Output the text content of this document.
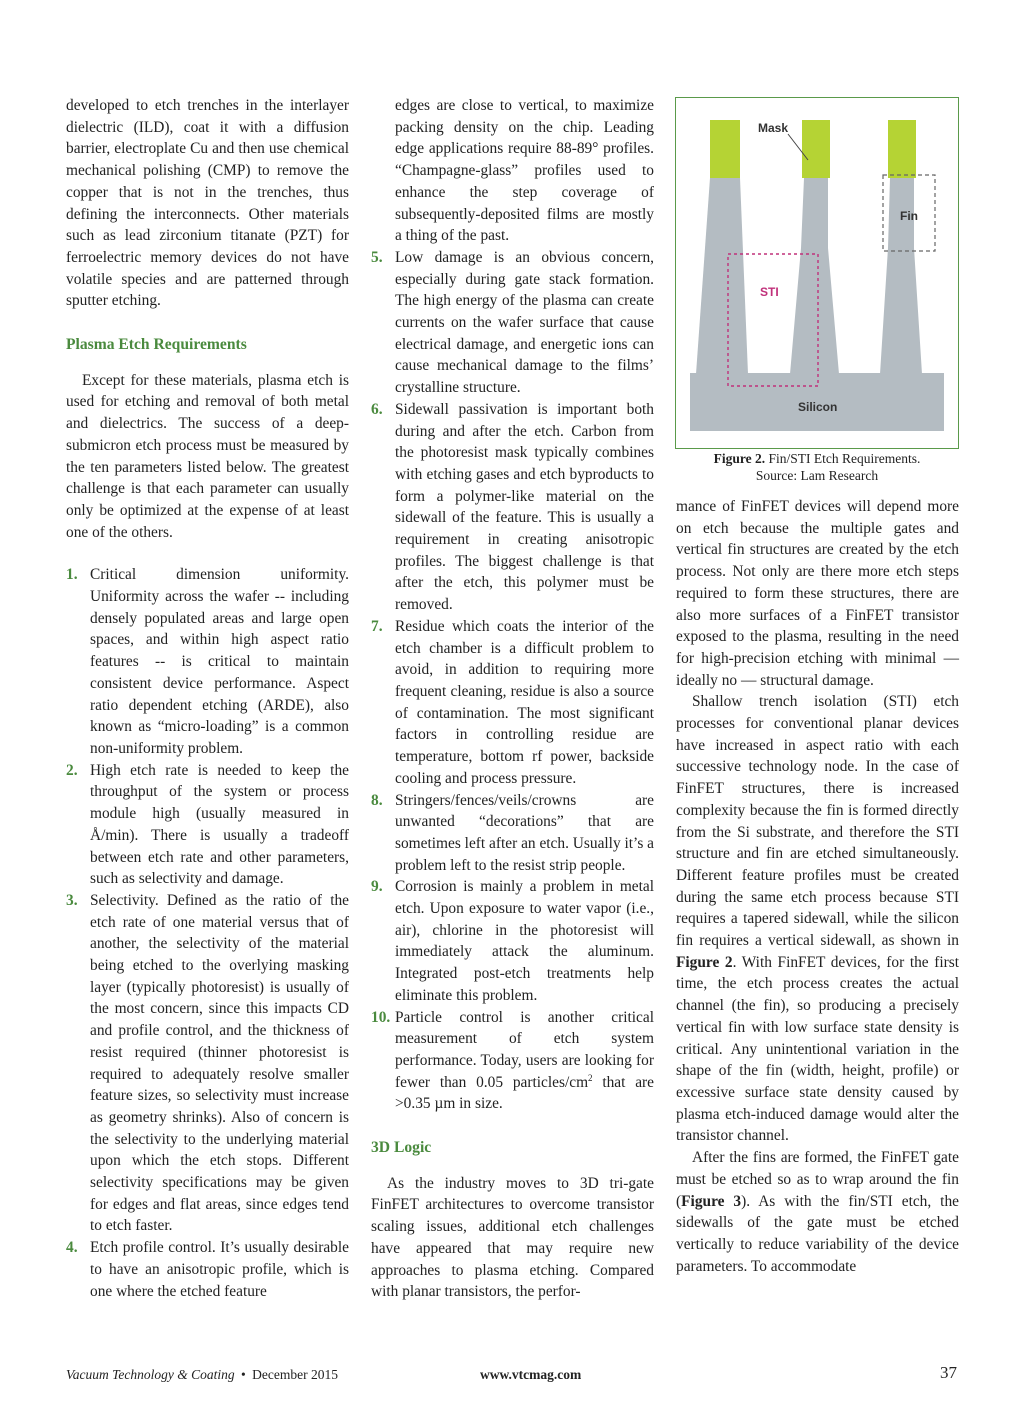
developed to etch trenches in the interlayer dielectric (ILD), coat it with a diffusion barrier, electroplate Cu and then use chemical mechanical polishing (CMP) to remove the copper that is not in the trenches, thus defining the interconnects. Other materials such as lead zirconium titanate (PZT) for ferroelectric memory devices do not have volatile species and are patterned through sputter etching.

Plasma Etch Requirements

Except for these materials, plasma etch is used for etching and removal of both metal and dielectrics. The success of a deep-submicron etch process must be measured by the ten parameters listed below. The greatest challenge is that each parameter can usually only be optimized at the expense of at least one of the others.

1. Critical dimension uniformity. Uniformity across the wafer -- including densely populated areas and large open spaces, and within high aspect ratio features -- is critical to maintain consistent device performance. Aspect ratio dependent etching (ARDE), also known as “micro-loading” is a common non-uniformity problem.
2. High etch rate is needed to keep the throughput of the system or process module high (usually measured in Å/min). There is usually a tradeoff between etch rate and other parameters, such as selectivity and damage.
3. Selectivity. Defined as the ratio of the etch rate of one material versus that of another, the selectivity of the material being etched to the overlying masking layer (typically photoresist) is usually of the most concern, since this impacts CD and profile control, and the thickness of resist required (thinner photoresist is required to adequately resolve smaller feature sizes, so selectivity must increase as geometry shrinks). Also of concern is the selectivity to the underlying material upon which the etch stops. Different selectivity specifications may be given for edges and flat areas, since edges tend to etch faster.
4. Etch profile control. It’s usually desirable to have an anisotropic profile, which is one where the etched feature

edges are close to vertical, to maximize packing density on the chip. Leading edge applications require 88-89° profiles. “Champagne-glass” profiles used to enhance the step coverage of subsequently-deposited films are mostly a thing of the past.

5. Low damage is an obvious concern, especially during gate stack formation. The high energy of the plasma can create currents on the wafer surface that cause electrical damage, and energetic ions can cause mechanical damage to the films’ crystalline structure.
6. Sidewall passivation is important both during and after the etch. Carbon from the photoresist mask typically combines with etching gases and etch byproducts to form a polymer-like material on the sidewall of the feature. This is usually a requirement in creating anisotropic profiles. The biggest challenge is that after the etch, this polymer must be removed.
7. Residue which coats the interior of the etch chamber is a difficult problem to avoid, in addition to requiring more frequent cleaning, residue is also a source of contamination. The most significant factors in controlling residue are temperature, bottom rf power, backside cooling and process pressure.
8. Stringers/fences/veils/crowns are unwanted “decorations” that are sometimes left after an etch. Usually it’s a problem left to the resist strip people.
9. Corrosion is mainly a problem in metal etch. Upon exposure to water vapor (i.e., air), chlorine in the photoresist will immediately attack the aluminum. Integrated post-etch treatments help eliminate this problem.
10. Particle control is another critical measurement of etch system performance. Today, users are looking for fewer than 0.05 particles/$cm^2$ that are >0.35 µm in size.

3D Logic

As the industry moves to 3D tri-gate FinFET architectures to overcome transistor scaling issues, additional etch challenges have appeared that may require new approaches to plasma etching. Compared with planar transistors, the perfor-

Mask
Fin
STI
Silicon
Figure 2. Fin/STI Etch Requirements.
Source: Lam Research

mance of FinFET devices will depend more on etch because the multiple gates and vertical fin structures are created by the etch process. Not only are there more etch steps required to form these structures, there are also more surfaces of a FinFET transistor exposed to the plasma, resulting in the need for high-precision etching with minimal — ideally no — structural damage.

Shallow trench isolation (STI) etch processes for conventional planar devices have increased in aspect ratio with each successive technology node. In the case of FinFET structures, there is increased complexity because the fin is formed directly from the Si substrate, and therefore the STI structure and fin are etched simultaneously. Different feature profiles must be created during the same etch process because STI requires a tapered sidewall, while the silicon fin requires a vertical sidewall, as shown in Figure 2. With FinFET devices, for the first time, the etch process creates the actual channel (the fin), so producing a precisely vertical fin with low surface state density is critical. Any unintentional variation in the shape of the fin (width, height, profile) or excessive surface state density caused by plasma etch-induced damage would alter the transistor channel.

After the fins are formed, the FinFET gate must be etched so as to wrap around the fin (Figure 3). As with the fin/STI etch, the sidewalls of the gate must be etched vertically to reduce variability of the device parameters. To accommodate

Vacuum Technology & Coating • December 2015	www.vtcmag.com	37
